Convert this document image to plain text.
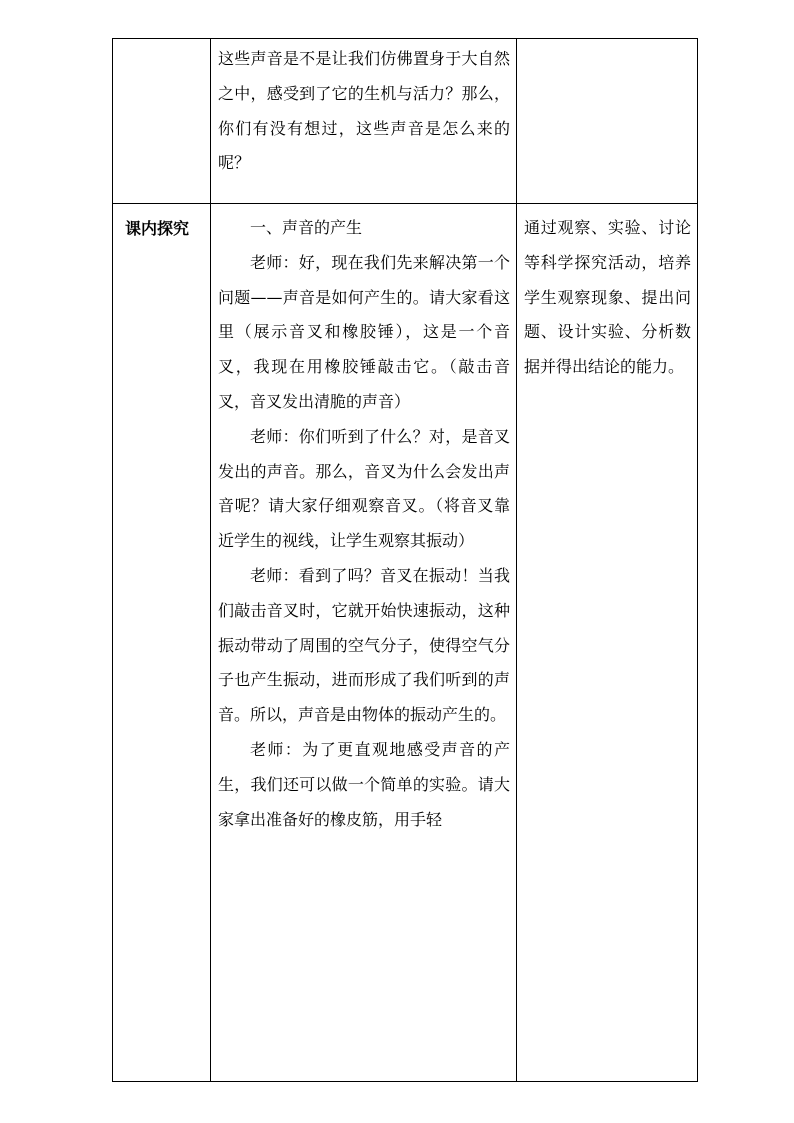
	这些声音是不是让我们仿佛置身于大自然之中，感受到了它的生机与活力？那么，你们有没有想过，这些声音是怎么来的呢？	

课内探究	一、声音的产生

老师：好，现在我们先来解决第一个问题——声音是如何产生的。请大家看这里（展示音叉和橡胶锤），这是一个音叉，我现在用橡胶锤敲击它。（敲击音叉，音叉发出清脆的声音）

老师：你们听到了什么？对，是音叉发出的声音。那么，音叉为什么会发出声音呢？请大家仔细观察音叉。（将音叉靠近学生的视线，让学生观察其振动）

老师：看到了吗？音叉在振动！当我们敲击音叉时，它就开始快速振动，这种振动带动了周围的空气分子，使得空气分子也产生振动，进而形成了我们听到的声音。所以，声音是由物体的振动产生的。

老师：为了更直观地感受声音的产生，我们还可以做一个简单的实验。请大家拿出准备好的橡皮筋，用手轻	通过观察、实验、讨论等科学探究活动，培养学生观察现象、提出问题、设计实验、分析数据并得出结论的能力。
